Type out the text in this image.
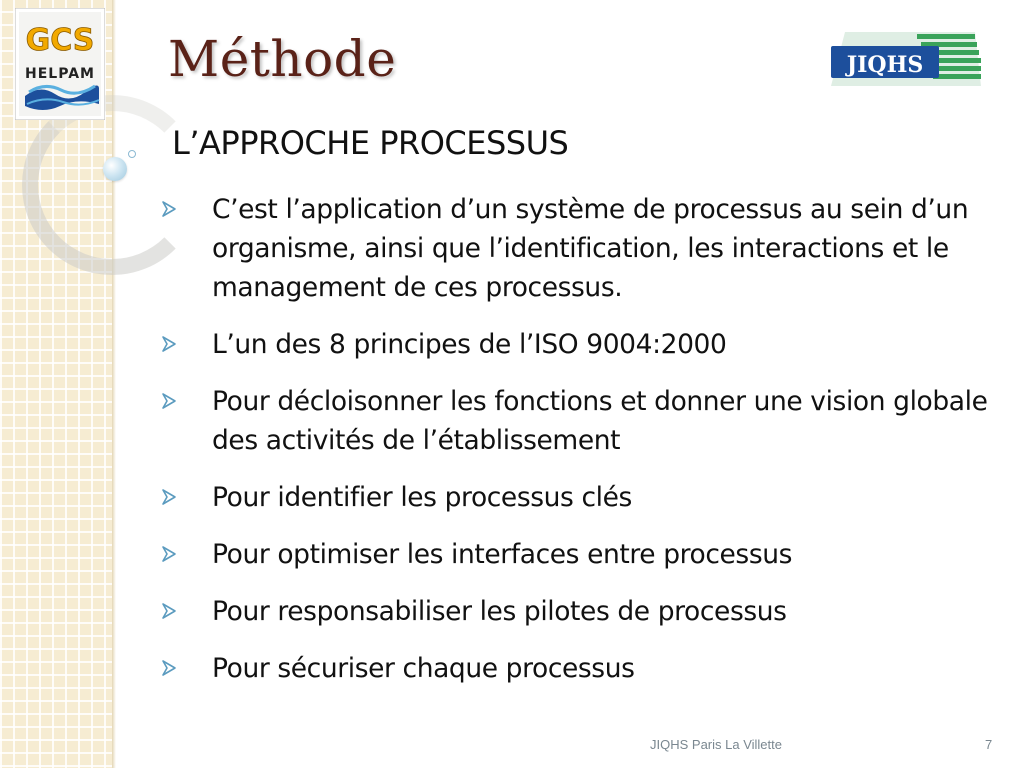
GCS
HELPAM Méthode	JIQHS
L’APPROCHE PROCESSUS
C’est l’application d’un système de processus au sein d’un organisme, ainsi que l’identification, les interactions et le management de ces processus.
L’un des 8 principes de l’ISO 9004:2000
Pour décloisonner les fonctions et donner une vision globale des activités de l’établissement
Pour identifier les processus clés
Pour optimiser les interfaces entre processus
Pour responsabiliser les pilotes de processus
Pour sécuriser chaque processus
JIQHS Paris La Villette	7
